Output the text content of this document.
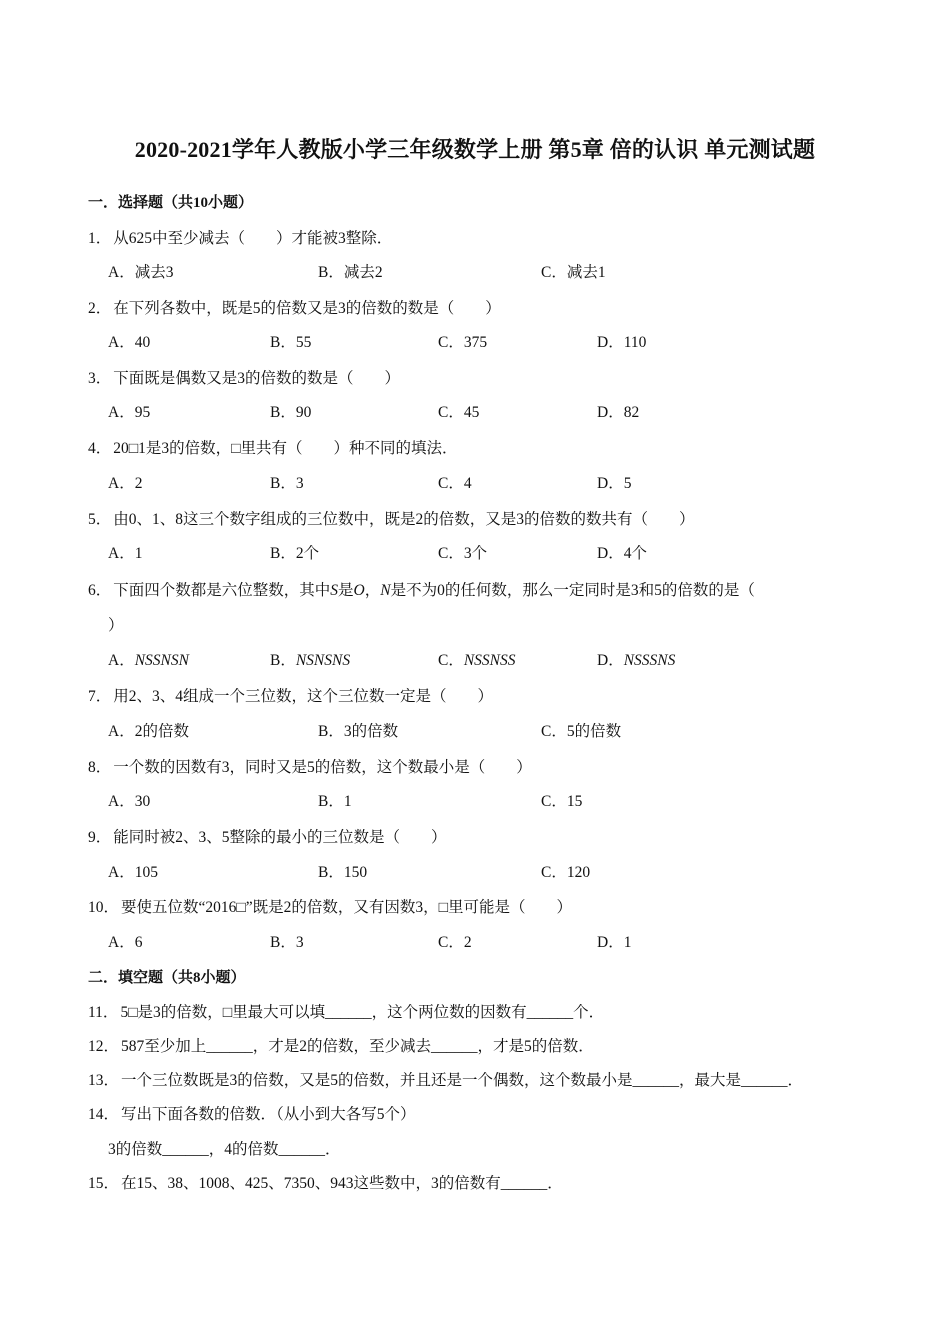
2020-2021学年人教版小学三年级数学上册 第5章 倍的认识 单元测试题
一．选择题（共10小题）
1． 从625中至少减去（　　）才能被3整除．
A．减去3	B．减去2	C．减去1
2． 在下列各数中，既是5的倍数又是3的倍数的数是（　　）
A．40	B．55	C．375	D．110
3． 下面既是偶数又是3的倍数的数是（　　）
A．95	B．90	C．45	D．82
4． 20□1是3的倍数，□里共有（　　）种不同的填法．
A．2	B．3	C．4	D．5
5． 由0、1、8这三个数字组成的三位数中，既是2的倍数，又是3的倍数的数共有（　　）
A．1	B．2个	C．3个	D．4个
6． 下面四个数都是六位整数，其中S是O，N是不为0的任何数，那么一定同时是3和5的倍数的是（
）
A．NSSNSN	B．NSNSNS	C．NSSNSS	D．NSSSNS
7． 用2、3、4组成一个三位数，这个三位数一定是（　　）
A．2的倍数	B．3的倍数	C．5的倍数
8． 一个数的因数有3，同时又是5的倍数，这个数最小是（　　）
A．30	B．1	C．15
9． 能同时被2、3、5整除的最小的三位数是（　　）
A．105	B．150	C．120
10． 要使五位数“2016□”既是2的倍数，又有因数3，□里可能是（　　）
A．6	B．3	C．2	D．1
二．填空题（共8小题）
11． 5□是3的倍数，□里最大可以填______，这个两位数的因数有______个．
12． 587至少加上______，才是2的倍数，至少减去______，才是5的倍数．
13． 一个三位数既是3的倍数，又是5的倍数，并且还是一个偶数，这个数最小是______，最大是______．
14． 写出下面各数的倍数．（从小到大各写5个）
3的倍数______，4的倍数______．
15． 在15、38、1008、425、7350、943这些数中，3的倍数有______．
